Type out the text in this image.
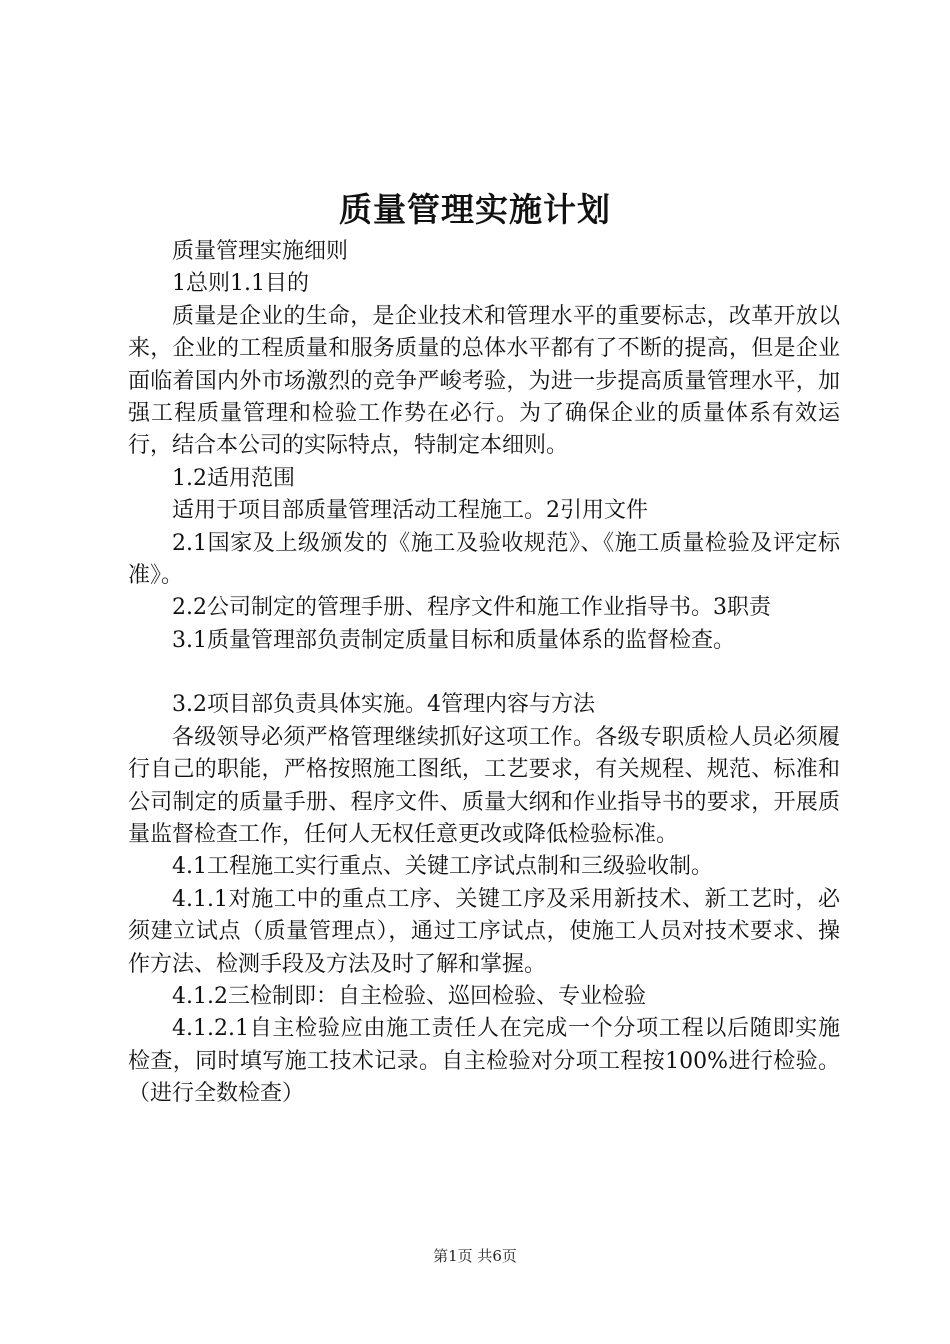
质量管理实施计划

质量管理实施细则

1总则1.1目的

质量是企业的生命，是企业技术和管理水平的重要标志，改革开放以来，企业的工程质量和服务质量的总体水平都有了不断的提高，但是企业面临着国内外市场激烈的竞争严峻考验，为进一步提高质量管理水平，加强工程质量管理和检验工作势在必行。为了确保企业的质量体系有效运行，结合本公司的实际特点，特制定本细则。

1.2适用范围

适用于项目部质量管理活动工程施工。2引用文件

2.1国家及上级颁发的《施工及验收规范》、《施工质量检验及评定标准》。

2.2公司制定的管理手册、程序文件和施工作业指导书。3职责

3.1质量管理部负责制定质量目标和质量体系的监督检查。

3.2项目部负责具体实施。4管理内容与方法

各级领导必须严格管理继续抓好这项工作。各级专职质检人员必须履行自己的职能，严格按照施工图纸，工艺要求，有关规程、规范、标准和公司制定的质量手册、程序文件、质量大纲和作业指导书的要求，开展质量监督检查工作，任何人无权任意更改或降低检验标准。

4.1工程施工实行重点、关键工序试点制和三级验收制。

4.1.1对施工中的重点工序、关键工序及采用新技术、新工艺时，必须建立试点（质量管理点），通过工序试点，使施工人员对技术要求、操作方法、检测手段及方法及时了解和掌握。

4.1.2三检制即：自主检验、巡回检验、专业检验

4.1.2.1自主检验应由施工责任人在完成一个分项工程以后随即实施检查，同时填写施工技术记录。自主检验对分项工程按100%进行检验。（进行全数检查）

第1页 共6页
